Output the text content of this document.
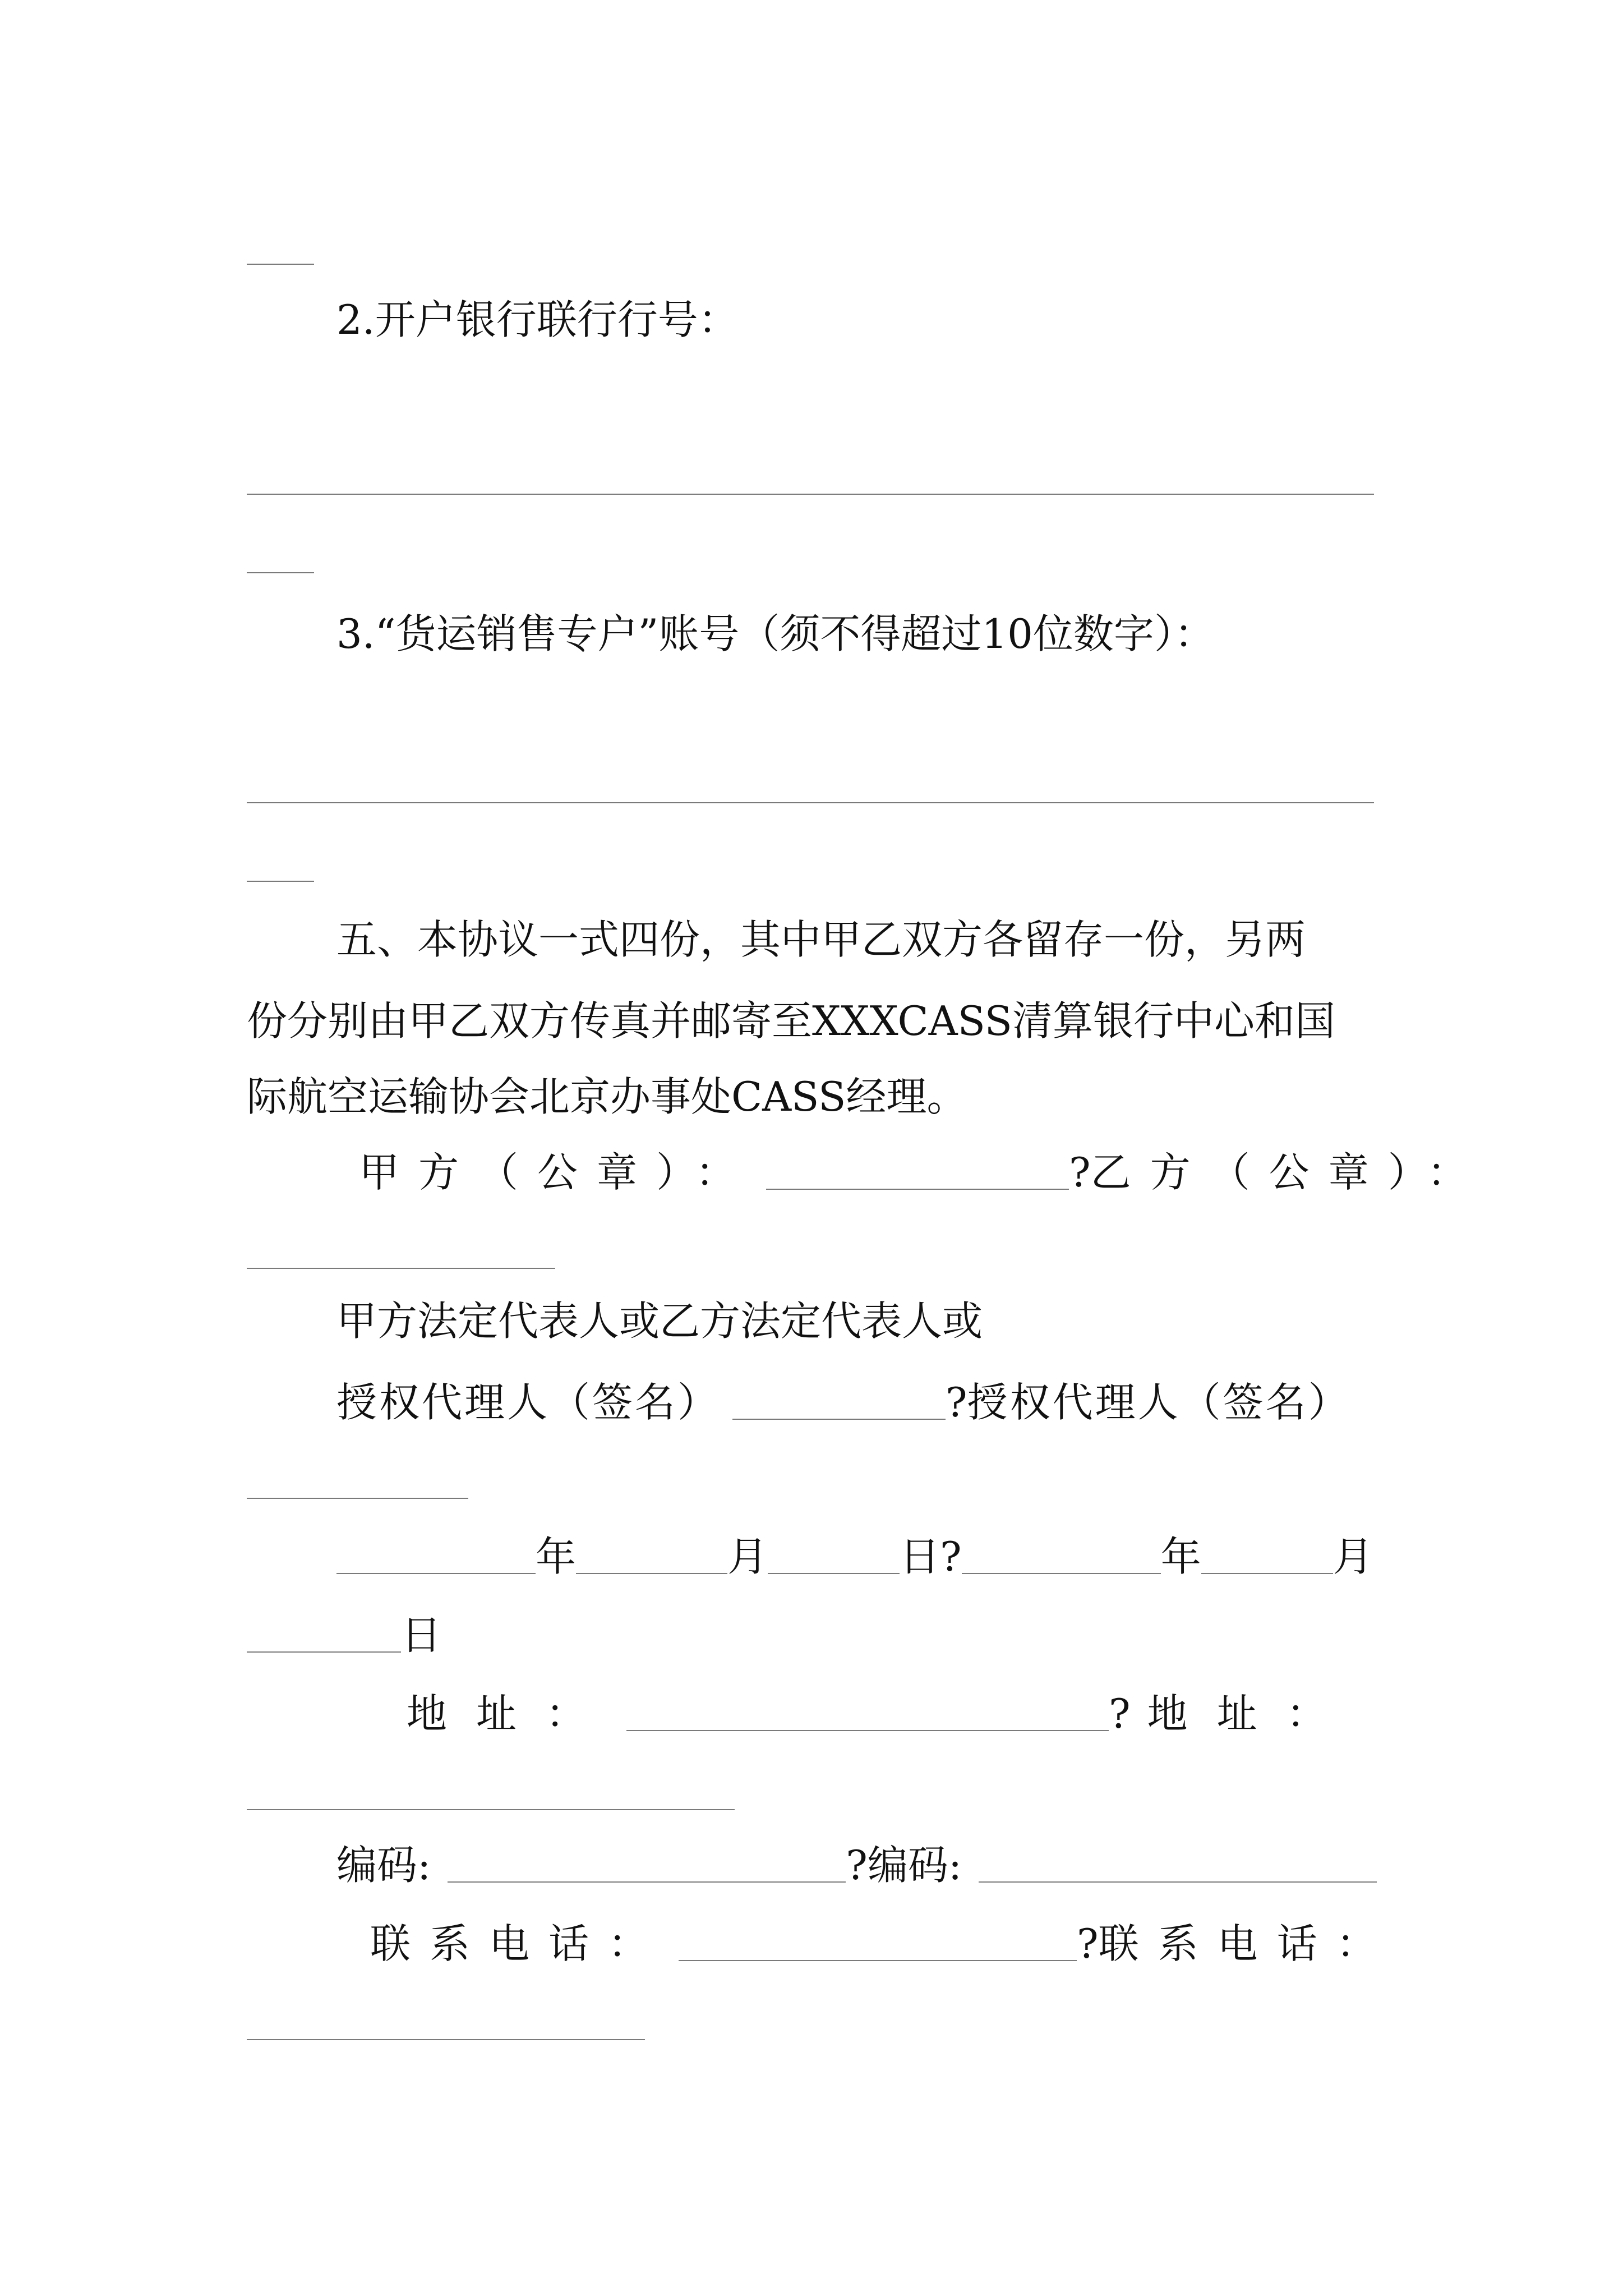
2.开户银行联行行号：
3.“货运销售专户”账号（须不得超过10位数字）：
五、本协议一式四份，其中甲乙双方各留存一份，另两
份分别由甲乙双方传真并邮寄至XXXCASS清算银行中心和国
际航空运输协会北京办事处CASS经理。
甲方（公章）：	?乙方（公章）：
甲方法定代表人或乙方法定代表人或
授权代理人（签名）	?授权代理人（签名）
年	月	日?	年	月
日
地址：	? 地址：
编码:	?编码:
联系电话：	?联系电话：
